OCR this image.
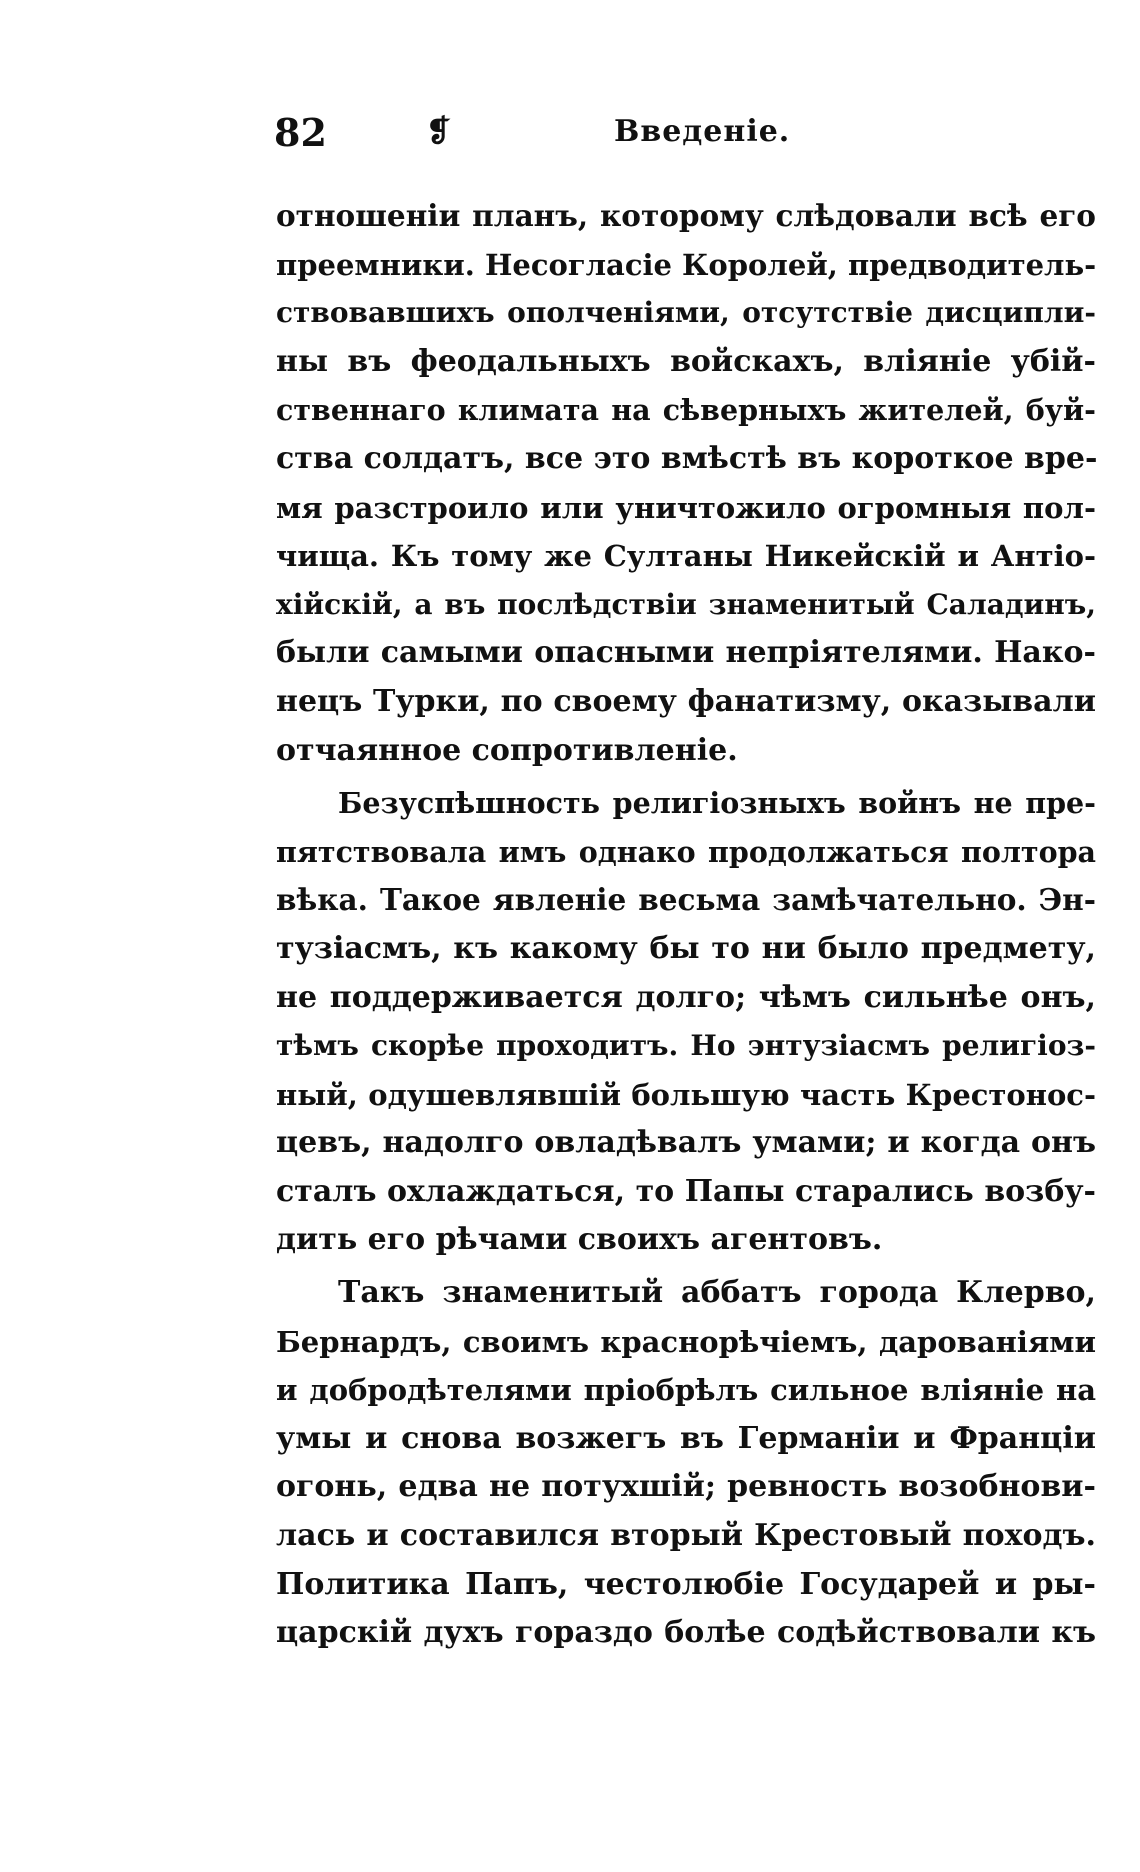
82	❡	Введенiе.
отношенiи планъ, которому слѣдовали всѣ его
преемники. Несогласiе Королей, предводитель-
ствовавшихъ ополченiями, отсутствiе дисципли-
ны въ феодальныхъ войскахъ, влiянiе убiй-
ственнаго климата на сѣверныхъ жителей, буй-
ства солдатъ, все это вмѣстѣ въ короткое вре-
мя разстроило или уничтожило огромныя пол-
чища. Къ тому же Султаны Никейскiй и Антiо-
хiйскiй, а въ послѣдствiи знаменитый Саладинъ,
были самыми опасными непрiятелями. Нако-
нецъ Турки, по своему фанатизму, оказывали
отчаянное сопротивленiе.
Безуспѣшность религiозныхъ войнъ не пре-
пятствовала имъ однако продолжаться полтора
вѣка. Такое явленiе весьма замѣчательно. Эн-
тузiасмъ, къ какому бы то ни было предмету,
не поддерживается долго; чѣмъ сильнѣе онъ,
тѣмъ скорѣе проходитъ. Но энтузiасмъ религiоз-
ный, одушевлявшiй большую часть Крестонос-
цевъ, надолго овладѣвалъ умами; и когда онъ
сталъ охлаждаться, то Папы старались возбу-
дить его рѣчами своихъ агентовъ.
Такъ знаменитый аббатъ города Клерво,
Бернардъ, своимъ краснорѣчiемъ, дарованiями
и добродѣтелями прiобрѣлъ сильное влiянiе на
умы и снова возжегъ въ Германiи и Францiи
огонь, едва не потухшiй; ревность возобнови-
лась и составился вторый Крестовый походъ.
Политика Папъ, честолюбiе Государей и ры-
царскiй духъ гораздо болѣе содѣйствовали къ
